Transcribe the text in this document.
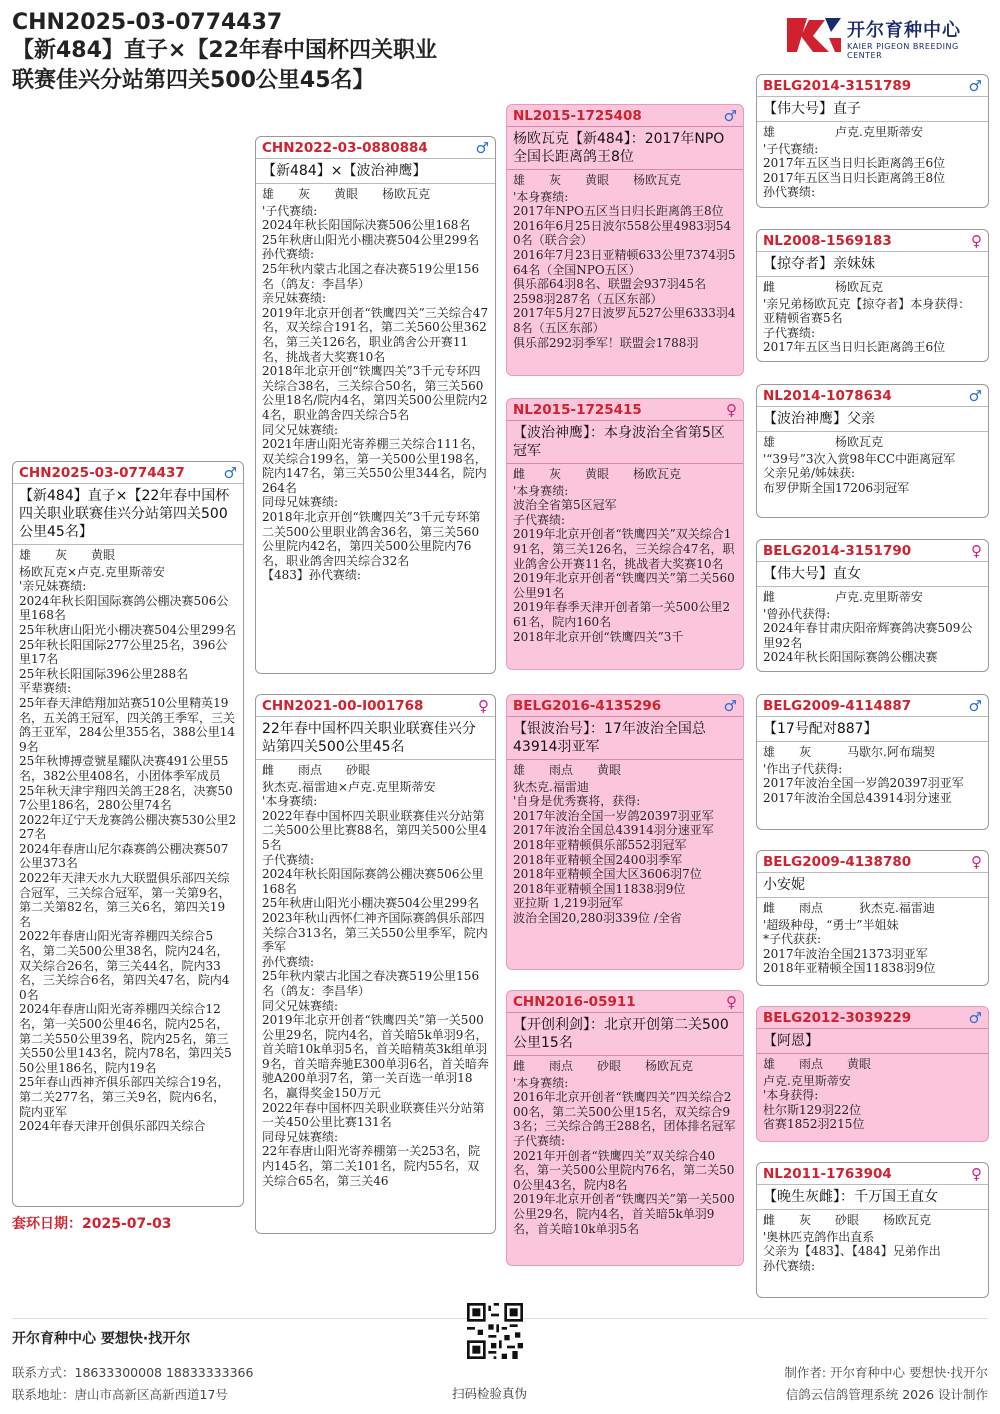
CHN2025-03-0774437
【新484】直子×【22年春中国杯四关职业
联赛佳兴分站第四关500公里45名】
开尔育种中心
KAIER PIGEON BREEDING CENTER
CHN2025-03-0774437	♂
【新484】直子×【22年春中国杯四关职业联赛佳兴分站第四关500公里45名】
雄　　灰　　黄眼
杨欧瓦克×卢克.克里斯蒂安
'亲兄妹赛绩:
2024年秋长阳国际赛鸽公棚决赛506公里168名
25年秋唐山阳光小棚决赛504公里299名
25年秋长阳国际277公里25名，396公里17名
25年秋长阳国际396公里288名
平辈赛绩:
25年春天津皓翔加站赛510公里精英19名，五关鸽王冠军，四关鸽王季军，三关鸽王亚军，284公里355名，388公里149名
25年秋博搏壹號星耀队决赛491公里55名，382公里408名，小团体季军成员
25年秋天津宇翔四关鸽王28名，决赛507公里186名，280公里74名
2022年辽宁天龙赛鸽公棚决赛530公里227名
2024年春唐山尼尔森赛鸽公棚决赛507公里373名
2022年天津天水九大联盟俱乐部四关综合冠军，三关综合冠军，第一关第9名，第二关第82名，第三关6名，第四关19名
2022年春唐山阳光寄养棚四关综合5名，第二关500公里38名，院内24名，双关综合26名，第三关44名，院内33名，三关综合6名，第四关47名，院内40名
2024年春唐山阳光寄养棚四关综合12名，第一关500公里46名，院内25名，第二关550公里39名，院内25名，第三关550公里143名，院内78名，第四关550公里186名，院内19名
25年春山西神齐俱乐部四关综合19名，第二关277名，第三关9名，院内6名，院内亚军
2024年春天津开创俱乐部四关综合
CHN2022-03-0880884	♂
【新484】×【波治神鹰】
雄　　灰　　黄眼　　杨欧瓦克
'子代赛绩:
2024年秋长阳国际决赛506公里168名
25年秋唐山阳光小棚决赛504公里299名
孙代赛绩:
25年秋内蒙古北国之春决赛519公里156名（鸽友：李昌华）
亲兄妹赛绩:
2019年北京开创者“铁鹰四关”三关综合47名，双关综合191名，第二关560公里362名，第三关126名，职业鸽舍公开赛11名，挑战者大奖赛10名
2018年北京开创“铁鹰四关”3千元专环四关综合38名，三关综合50名，第三关560公里18名/院内4名，第四关500公里院内24名，职业鸽舍四关综合5名
同父兄妹赛绩:
2021年唐山阳光寄养棚三关综合111名，双关综合199名，第一关500公里198名，院内147名，第三关550公里344名，院内264名
同母兄妹赛绩:
2018年北京开创“铁鹰四关”3千元专环第二关500公里职业鸽舍36名，第三关560公里院内42名，第四关500公里院内76名，职业鸽舍四关综合32名
【483】孙代赛绩:
CHN2021-00-I001768	♀
22年春中国杯四关职业联赛佳兴分站第四关500公里45名
雌　　雨点　　砂眼
狄杰克.福雷迪×卢克.克里斯蒂安
'本身赛绩:
2022年春中国杯四关职业联赛佳兴分站第二关500公里比赛88名，第四关500公里45名
子代赛绩:
2024年秋长阳国际赛鸽公棚决赛506公里168名
25年秋唐山阳光小棚决赛504公里299名
2023年秋山西怀仁神齐国际赛鸽俱乐部四关综合313名，第三关550公里季军，院内季军
孙代赛绩:
25年秋内蒙古北国之春决赛519公里156名（鸽友：李昌华）
同父兄妹赛绩:
2019年北京开创者“铁鹰四关”第一关500公里29名，院内4名，首关暗5k单羽9名，首关暗10k单羽5名，首关暗精英3k组单羽9名，首关暗奔驰E300单羽6名，首关暗奔驰A200单羽7名，第一关百选一单羽18名，赢得奖金150万元
2022年春中国杯四关职业联赛佳兴分站第一关450公里比赛131名
同母兄妹赛绩:
22年春唐山阳光寄养棚第一关253名，院内145名，第二关101名，院内55名，双关综合65名，第三关46
NL2015-1725408	♂
杨欧瓦克【新484】：2017年NPO全国长距离鸽王8位
雄　　灰　　黄眼　　杨欧瓦克
'本身赛绩:
2017年NPO五区当日归长距离鸽王8位
2016年6月25日波尔558公里4983羽540名（联合会）
2016年7月23日亚精顿633公里7374羽564名（全国NPO五区）
俱乐部64羽8名、联盟会937羽45名
2598羽287名（五区东部）
2017年5月27日波罗瓦527公里6333羽48名（五区东部）
俱乐部292羽季军！联盟会1788羽
NL2015-1725415	♀
【波治神鹰】：本身波治全省第5区冠军
雌　　灰　　黄眼　　杨欧瓦克
'本身赛绩:
波治全省第5区冠军
子代赛绩:
2019年北京开创者“铁鹰四关”双关综合191名，第三关126名，三关综合47名，职业鸽舍公开赛11名，挑战者大奖赛10名
2019年北京开创者“铁鹰四关”第二关560公里91名
2019年春季天津开创者第一关500公里261名，院内160名
2018年北京开创“铁鹰四关”3千
BELG2016-4135296	♂
【银波治号】：17年波治全国总43914羽亚军
雄　　雨点　　黄眼
狄杰克.福雷迪
'自身是优秀赛将，获得:
2017年波治全国一岁鸽20397羽亚军
2017年波治全国总43914羽分速亚军
2018年亚精顿俱乐部552羽冠军
2018年亚精顿全国2400羽季军
2018年亚精顿全国大区3606羽7位
2018年亚精顿全国11838羽9位
亚拉斯 1,219羽冠军
波治全国20,280羽339位 /全省
CHN2016-05911	♀
【开创利剑】：北京开创第二关500公里15名
雌　　雨点　　砂眼　　杨欧瓦克
'本身赛绩:
2016年北京开创者“铁鹰四关”四关综合200名，第二关500公里15名，双关综合93名；三关综合鸽王288名，团体排名冠军
子代赛绩:
2021年开创者“铁鹰四关”双关综合40名，第一关500公里院内76名，第二关500公里43名，院内8名
2019年北京开创者“铁鹰四关”第一关500公里29名，院内4名，首关暗5k单羽9名，首关暗10k单羽5名
BELG2014-3151789	♂
【伟大号】直子
雄　　　　　卢克.克里斯蒂安
'子代赛绩:
2017年五区当日归长距离鸽王6位
2017年五区当日归长距离鸽王8位
孙代赛绩:
NL2008-1569183	♀
【掠夺者】亲妹妹
雌　　　　　杨欧瓦克
'亲兄弟杨欧瓦克【掠夺者】本身获得：亚精顿省赛5名
子代赛绩:
2017年五区当日归长距离鸽王6位
NL2014-1078634	♂
【波治神鹰】父亲
雄　　　　　杨欧瓦克
'“39号”3次入赏98年CC中距离冠军
父亲兄弟/姊妹获:
布罗伊斯全国17206羽冠军
BELG2014-3151790	♀
【伟大号】直女
雌　　　　　卢克.克里斯蒂安
'曾孙代获得:
2024年春甘肃庆阳帝辉赛鸽决赛509公里92名
2024年秋长阳国际赛鸽公棚决赛
BELG2009-4114887	♂
【17号配对887】
雄　　灰　　　马歇尔.阿布瑞契
'作出子代获得:
2017年波治全国一岁鸽20397羽亚军
2017年波治全国总43914羽分速亚
BELG2009-4138780	♀
小安妮
雌　　雨点　　　狄杰克.福雷迪
'超级种母，“勇士”半姐妹
*子代获获:
2017年波治全国21373羽亚军
2018年亚精顿全国11838羽9位
BELG2012-3039229	♂
【阿恩】
雄　　雨点　　黄眼
卢克.克里斯蒂安
'本身获得:
杜尔斯129羽22位
省赛1852羽215位
NL2011-1763904	♀
【晚生灰雌】：千万国王直女
雌　　灰　　砂眼　　杨欧瓦克
'奥林匹克鸽作出直系
父亲为【483】、【484】兄弟作出
孙代赛绩:
套环日期：2025-07-03
开尔育种中心 要想快·找开尔
联系方式：18633300008 18833333366
联系地址：唐山市高新区高新西道17号	扫码检验真伪
制作者: 开尔育种中心 要想快·找开尔
信鸽云信鸽管理系统 2026 设计制作
